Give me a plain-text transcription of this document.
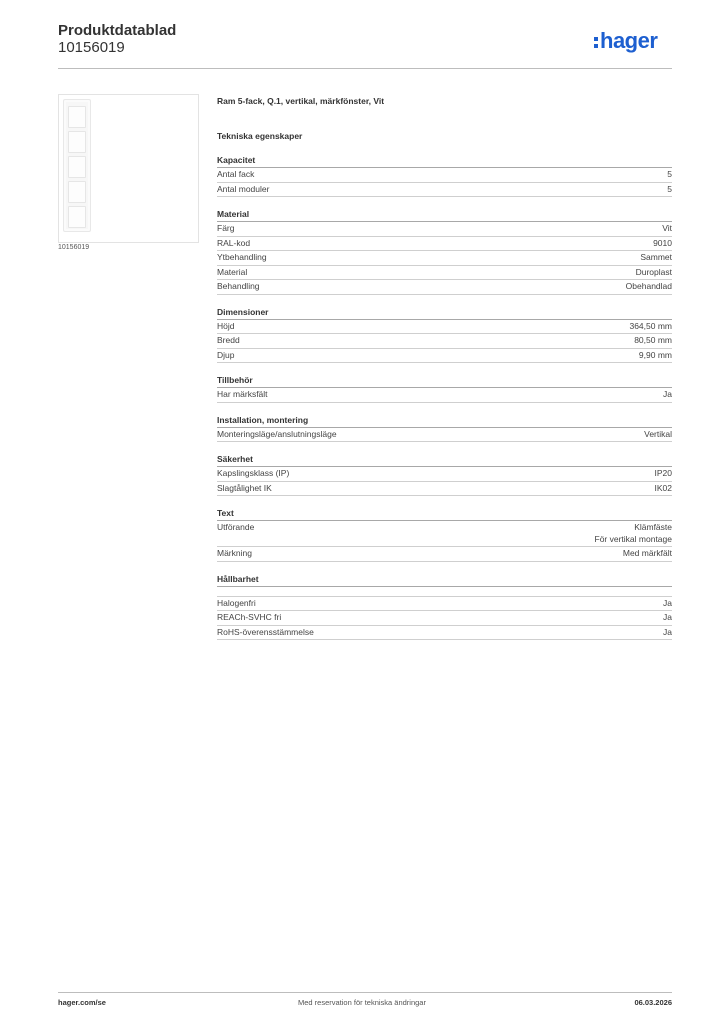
Produktdatablad
10156019	hager
10156019
Ram 5-fack, Q.1, vertikal, märkfönster, Vit
Tekniska egenskaper
Kapacitet
Antal fack	5
Antal moduler	5
Material
Färg	Vit
RAL-kod	9010
Ytbehandling	Sammet
Material	Duroplast
Behandling	Obehandlad
Dimensioner
Höjd	364,50 mm
Bredd	80,50 mm
Djup	9,90 mm
Tillbehör
Har märksfält	Ja
Installation, montering
Monteringsläge/anslutningsläge	Vertikal
Säkerhet
Kapslingsklass (IP)	IP20
Slagtålighet IK	IK02
Text
Utförande	Klämfäste
För vertikal montage
Märkning	Med märkfält
Hållbarhet
Halogenfri	Ja
REACh-SVHC fri	Ja
RoHS-överensstämmelse	Ja
hager.com/se	Med reservation för tekniska ändringar	06.03.2026
